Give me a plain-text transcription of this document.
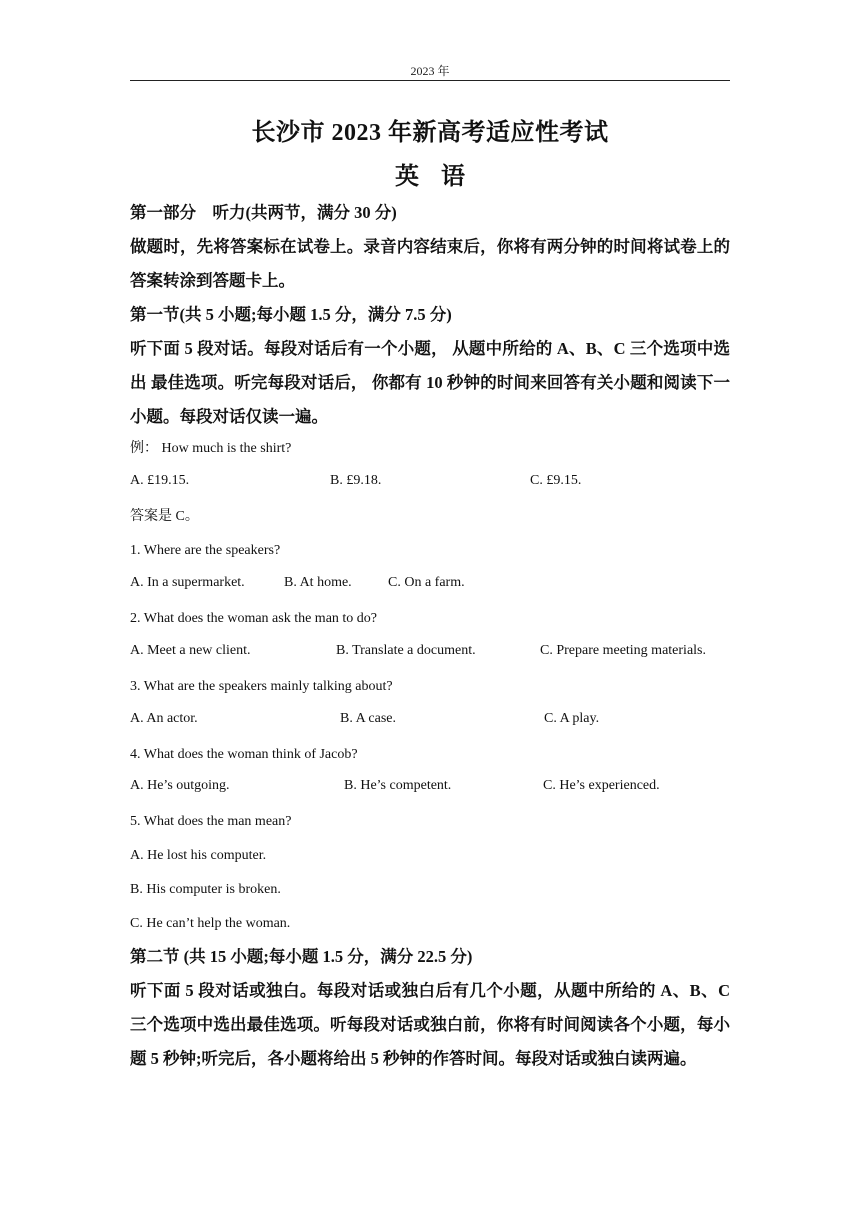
2023 年
长沙市 2023 年新高考适应性考试
英语
第一部分　听力(共两节，满分 30 分)
做题时，先将答案标在试卷上。录音内容结束后，你将有两分钟的时间将试卷上的 答案转涂到答题卡上。
第一节(共 5 小题;每小题 1.5 分，满分 7.5 分)
听下面 5 段对话。每段对话后有一个小题， 从题中所给的 A、B、C 三个选项中选出 最佳选项。听完每段对话后， 你都有 10 秒钟的时间来回答有关小题和阅读下一小题。每段对话仅读一遍。
例： How much is the shirt?
A. £19.15.	B. £9.18.	C. £9.15.
答案是 C。
1. Where are the speakers?
A. In a supermarket.	B. At home.	C. On a farm.
2. What does the woman ask the man to do?
A. Meet a new client.	B. Translate a document.	C. Prepare meeting materials.
3. What are the speakers mainly talking about?
A. An actor.	B. A case.	C. A play.
4. What does the woman think of Jacob?
A. He’s outgoing.	B. He’s competent.	C. He’s experienced.
5. What does the man mean?
A. He lost his computer.
B. His computer is broken.
C. He can’t help the woman.
第二节 (共 15 小题;每小题 1.5 分，满分 22.5 分)
听下面 5 段对话或独白。每段对话或独白后有几个小题，从题中所给的 A、B、C 三个选项中选出最佳选项。听每段对话或独白前，你将有时间阅读各个小题，每小题 5 秒钟;听完后，各小题将给出 5 秒钟的作答时间。每段对话或独白读两遍。
